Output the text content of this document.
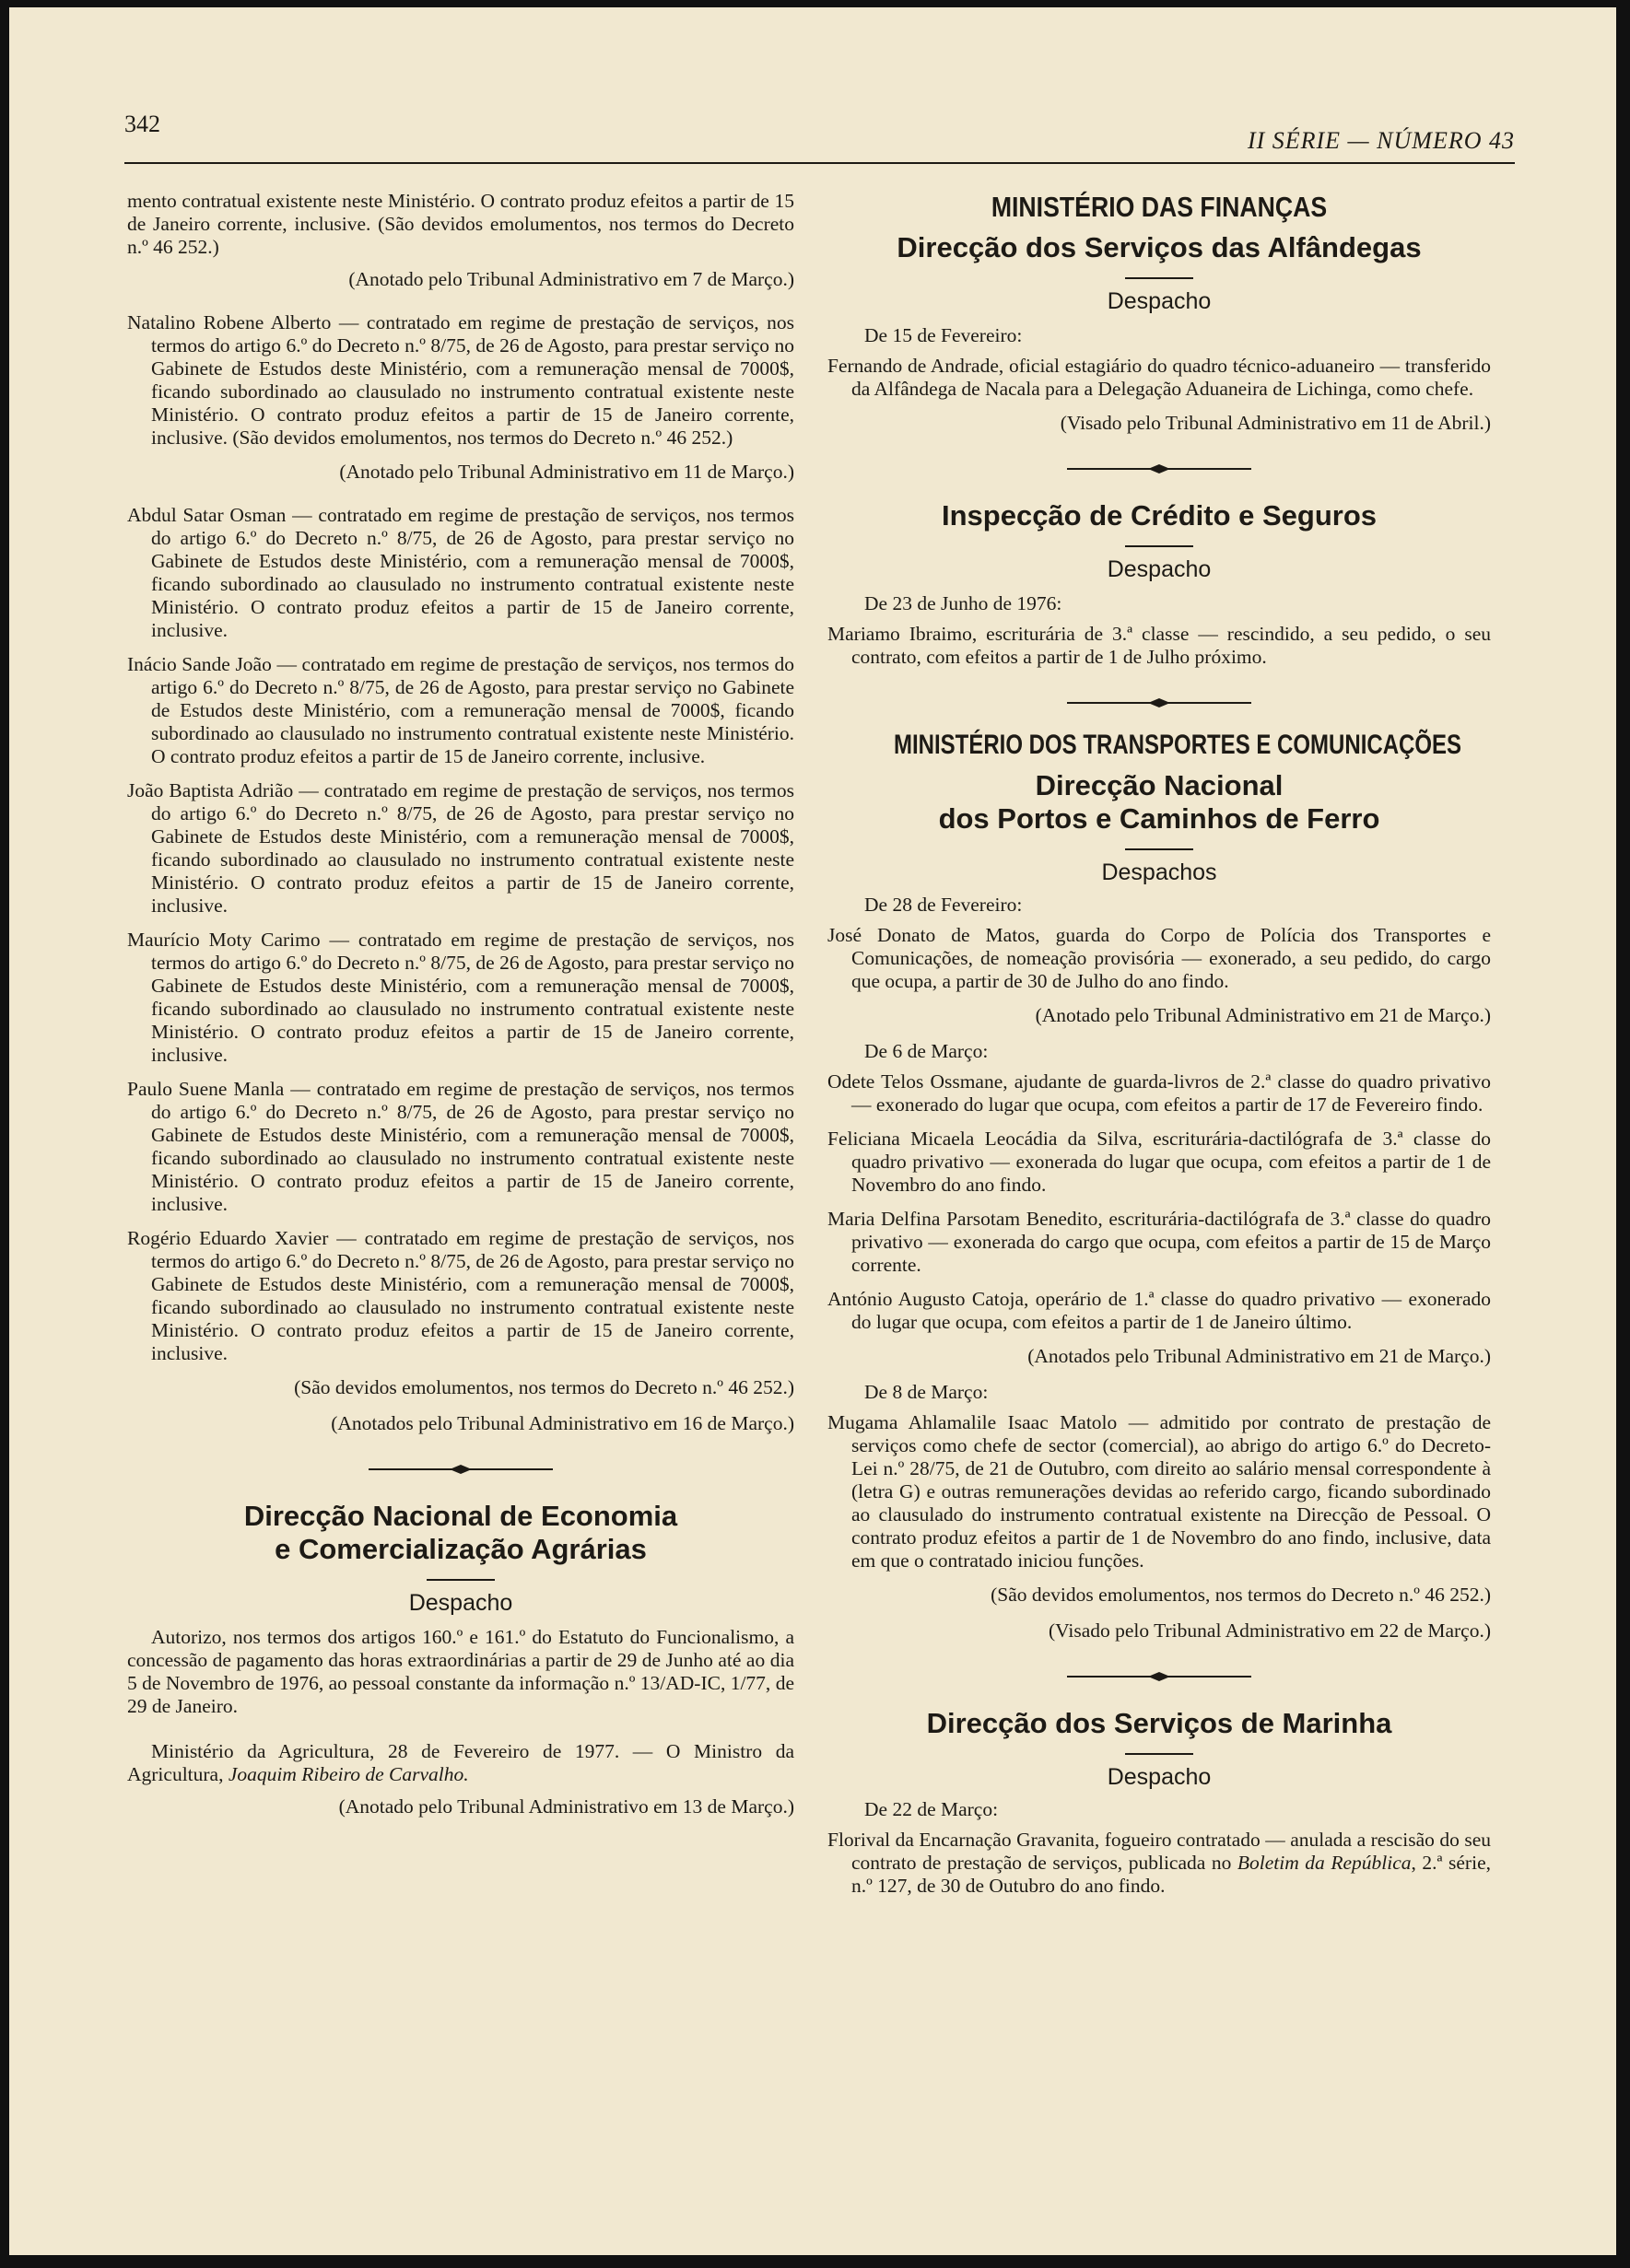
342
II SÉRIE — NÚMERO 43

mento contratual existente neste Ministério. O contrato produz efeitos a partir de 15 de Janeiro corrente, inclusive. (São devidos emolumentos, nos termos do Decreto n.º 46 252.)

(Anotado pelo Tribunal Administrativo em 7 de Março.)

Natalino Robene Alberto — contratado em regime de prestação de serviços, nos termos do artigo 6.º do Decreto n.º 8/75, de 26 de Agosto, para prestar serviço no Gabinete de Estudos deste Ministério, com a remuneração mensal de 7000$, ficando subordinado ao clausulado no instrumento contratual existente neste Ministério. O contrato produz efeitos a partir de 15 de Janeiro corrente, inclusive. (São devidos emolumentos, nos termos do Decreto n.º 46 252.)

(Anotado pelo Tribunal Administrativo em 11 de Março.)

Abdul Satar Osman — contratado em regime de prestação de serviços, nos termos do artigo 6.º do Decreto n.º 8/75, de 26 de Agosto, para prestar serviço no Gabinete de Estudos deste Ministério, com a remuneração mensal de 7000$, ficando subordinado ao clausulado no instrumento contratual existente neste Ministério. O contrato produz efeitos a partir de 15 de Janeiro corrente, inclusive.

Inácio Sande João — contratado em regime de prestação de serviços, nos termos do artigo 6.º do Decreto n.º 8/75, de 26 de Agosto, para prestar serviço no Gabinete de Estudos deste Ministério, com a remuneração mensal de 7000$, ficando subordinado ao clausulado no instrumento contratual existente neste Ministério. O contrato produz efeitos a partir de 15 de Janeiro corrente, inclusive.

João Baptista Adrião — contratado em regime de prestação de serviços, nos termos do artigo 6.º do Decreto n.º 8/75, de 26 de Agosto, para prestar serviço no Gabinete de Estudos deste Ministério, com a remuneração mensal de 7000$, ficando subordinado ao clausulado no instrumento contratual existente neste Ministério. O contrato produz efeitos a partir de 15 de Janeiro corrente, inclusive.

Maurício Moty Carimo — contratado em regime de prestação de serviços, nos termos do artigo 6.º do Decreto n.º 8/75, de 26 de Agosto, para prestar serviço no Gabinete de Estudos deste Ministério, com a remuneração mensal de 7000$, ficando subordinado ao clausulado no instrumento contratual existente neste Ministério. O contrato produz efeitos a partir de 15 de Janeiro corrente, inclusive.

Paulo Suene Manla — contratado em regime de prestação de serviços, nos termos do artigo 6.º do Decreto n.º 8/75, de 26 de Agosto, para prestar serviço no Gabinete de Estudos deste Ministério, com a remuneração mensal de 7000$, ficando subordinado ao clausulado no instrumento contratual existente neste Ministério. O contrato produz efeitos a partir de 15 de Janeiro corrente, inclusive.

Rogério Eduardo Xavier — contratado em regime de prestação de serviços, nos termos do artigo 6.º do Decreto n.º 8/75, de 26 de Agosto, para prestar serviço no Gabinete de Estudos deste Ministério, com a remuneração mensal de 7000$, ficando subordinado ao clausulado no instrumento contratual existente neste Ministério. O contrato produz efeitos a partir de 15 de Janeiro corrente, inclusive.

(São devidos emolumentos, nos termos do Decreto n.º 46 252.)

(Anotados pelo Tribunal Administrativo em 16 de Março.)

Direcção Nacional de Economia
e Comercialização Agrárias
Despacho

Autorizo, nos termos dos artigos 160.º e 161.º do Estatuto do Funcionalismo, a concessão de pagamento das horas extraordinárias a partir de 29 de Junho até ao dia 5 de Novembro de 1976, ao pessoal constante da informação n.º 13/AD-IC, 1/77, de 29 de Janeiro.

Ministério da Agricultura, 28 de Fevereiro de 1977. — O Ministro da Agricultura, Joaquim Ribeiro de Carvalho.

(Anotado pelo Tribunal Administrativo em 13 de Março.)

MINISTÉRIO DAS FINANÇAS
Direcção dos Serviços das Alfândegas
Despacho

De 15 de Fevereiro:

Fernando de Andrade, oficial estagiário do quadro técnico-aduaneiro — transferido da Alfândega de Nacala para a Delegação Aduaneira de Lichinga, como chefe.

(Visado pelo Tribunal Administrativo em 11 de Abril.)

Inspecção de Crédito e Seguros
Despacho

De 23 de Junho de 1976:

Mariamo Ibraimo, escriturária de 3.ª classe — rescindido, a seu pedido, o seu contrato, com efeitos a partir de 1 de Julho próximo.

MINISTÉRIO DOS TRANSPORTES E COMUNICAÇÕES
Direcção Nacional
dos Portos e Caminhos de Ferro
Despachos

De 28 de Fevereiro:

José Donato de Matos, guarda do Corpo de Polícia dos Transportes e Comunicações, de nomeação provisória — exonerado, a seu pedido, do cargo que ocupa, a partir de 30 de Julho do ano findo.

(Anotado pelo Tribunal Administrativo em 21 de Março.)

De 6 de Março:

Odete Telos Ossmane, ajudante de guarda-livros de 2.ª classe do quadro privativo — exonerado do lugar que ocupa, com efeitos a partir de 17 de Fevereiro findo.

Feliciana Micaela Leocádia da Silva, escriturária-dactilógrafa de 3.ª classe do quadro privativo — exonerada do lugar que ocupa, com efeitos a partir de 1 de Novembro do ano findo.

Maria Delfina Parsotam Benedito, escriturária-dactilógrafa de 3.ª classe do quadro privativo — exonerada do cargo que ocupa, com efeitos a partir de 15 de Março corrente.

António Augusto Catoja, operário de 1.ª classe do quadro privativo — exonerado do lugar que ocupa, com efeitos a partir de 1 de Janeiro último.

(Anotados pelo Tribunal Administrativo em 21 de Março.)

De 8 de Março:

Mugama Ahlamalile Isaac Matolo — admitido por contrato de prestação de serviços como chefe de sector (comercial), ao abrigo do artigo 6.º do Decreto-Lei n.º 28/75, de 21 de Outubro, com direito ao salário mensal correspondente à (letra G) e outras remunerações devidas ao referido cargo, ficando subordinado ao clausulado do instrumento contratual existente na Direcção de Pessoal. O contrato produz efeitos a partir de 1 de Novembro do ano findo, inclusive, data em que o contratado iniciou funções.

(São devidos emolumentos, nos termos do Decreto n.º 46 252.)

(Visado pelo Tribunal Administrativo em 22 de Março.)

Direcção dos Serviços de Marinha
Despacho

De 22 de Março:

Florival da Encarnação Gravanita, fogueiro contratado — anulada a rescisão do seu contrato de prestação de serviços, publicada no Boletim da República, 2.ª série, n.º 127, de 30 de Outubro do ano findo.
